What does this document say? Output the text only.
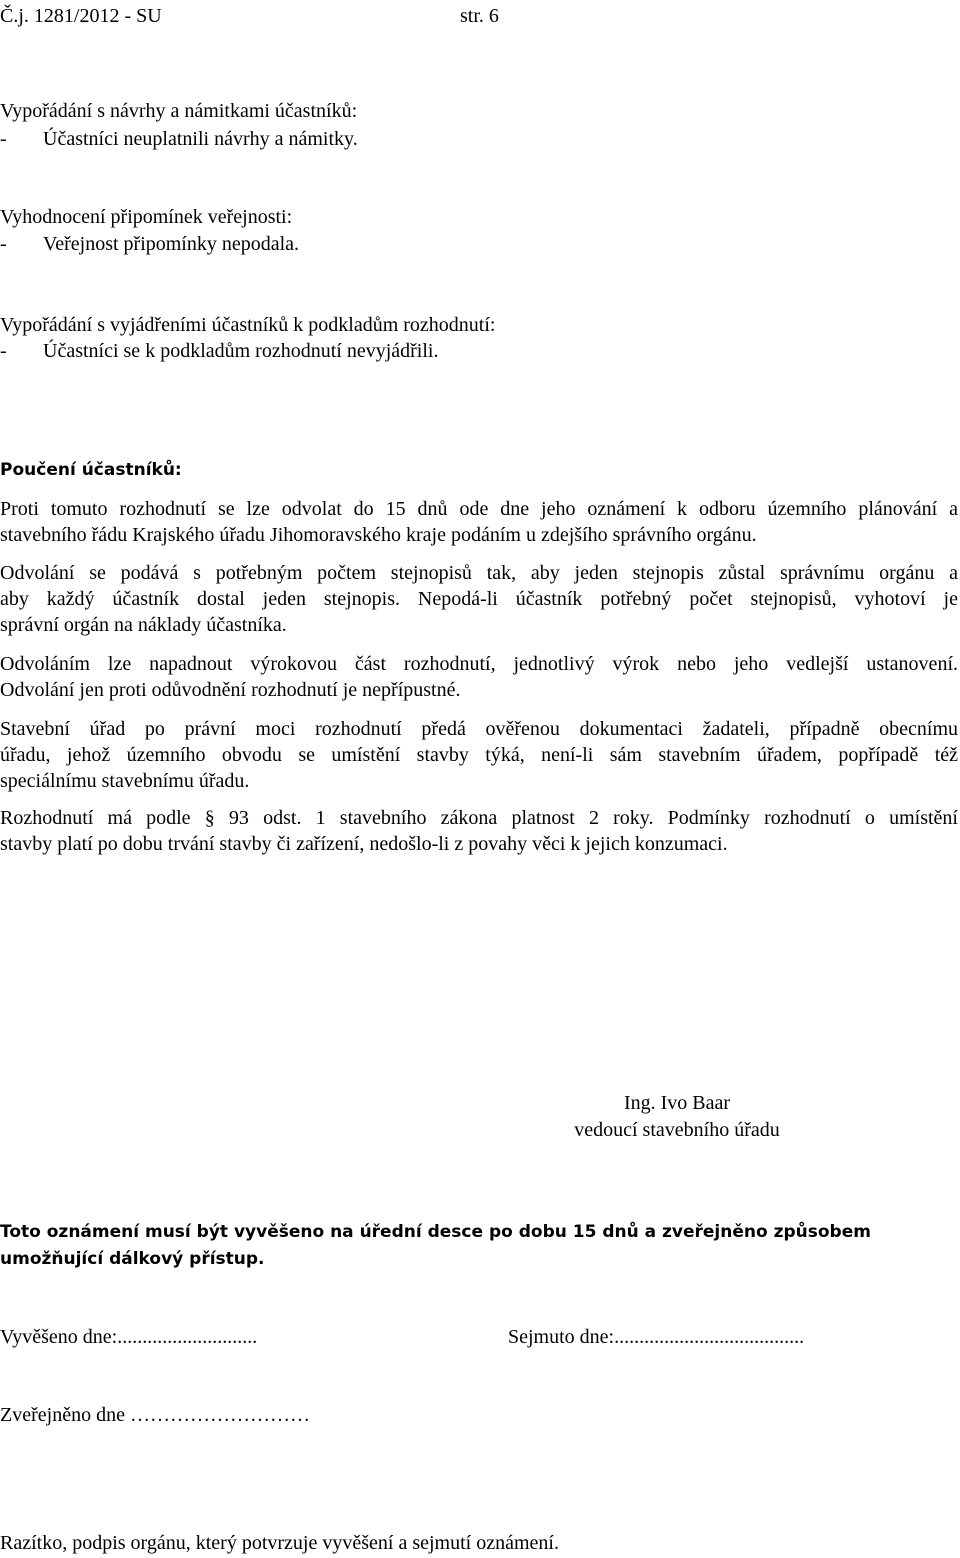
Č.j. 1281/2012 - SU	str. 6
Vypořádání s návrhy a námitkami účastníků:
- Účastníci neuplatnili návrhy a námitky.
Vyhodnocení připomínek veřejnosti:
- Veřejnost připomínky nepodala.
Vypořádání s vyjádřeními účastníků k podkladům rozhodnutí:
- Účastníci se k podkladům rozhodnutí nevyjádřili.
Poučení účastníků:
Proti tomuto rozhodnutí se lze odvolat do 15 dnů ode dne jeho oznámení k odboru územního plánování a
stavebního řádu Krajského úřadu Jihomoravského kraje podáním u zdejšího správního orgánu.
Odvolání se podává s potřebným počtem stejnopisů tak, aby jeden stejnopis zůstal správnímu orgánu a
aby každý účastník dostal jeden stejnopis. Nepodá-li účastník potřebný počet stejnopisů, vyhotoví je
správní orgán na náklady účastníka.
Odvoláním lze napadnout výrokovou část rozhodnutí, jednotlivý výrok nebo jeho vedlejší ustanovení.
Odvolání jen proti odůvodnění rozhodnutí je nepřípustné.
Stavební úřad po právní moci rozhodnutí předá ověřenou dokumentaci žadateli, případně obecnímu
úřadu, jehož územního obvodu se umístění stavby týká, není-li sám stavebním úřadem, popřípadě též
speciálnímu stavebnímu úřadu.
Rozhodnutí má podle § 93 odst. 1 stavebního zákona platnost 2 roky. Podmínky rozhodnutí o umístění
stavby platí po dobu trvání stavby či zařízení, nedošlo-li z povahy věci k jejich konzumaci.
Ing. Ivo Baar
vedoucí stavebního úřadu
Toto oznámení musí být vyvěšeno na úřední desce po dobu 15 dnů a zveřejněno způsobem
umožňující dálkový přístup.
Vyvěšeno dne:............................	Sejmuto dne:......................................
Zveřejněno dne ………………………
Razítko, podpis orgánu, který potvrzuje vyvěšení a sejmutí oznámení.
